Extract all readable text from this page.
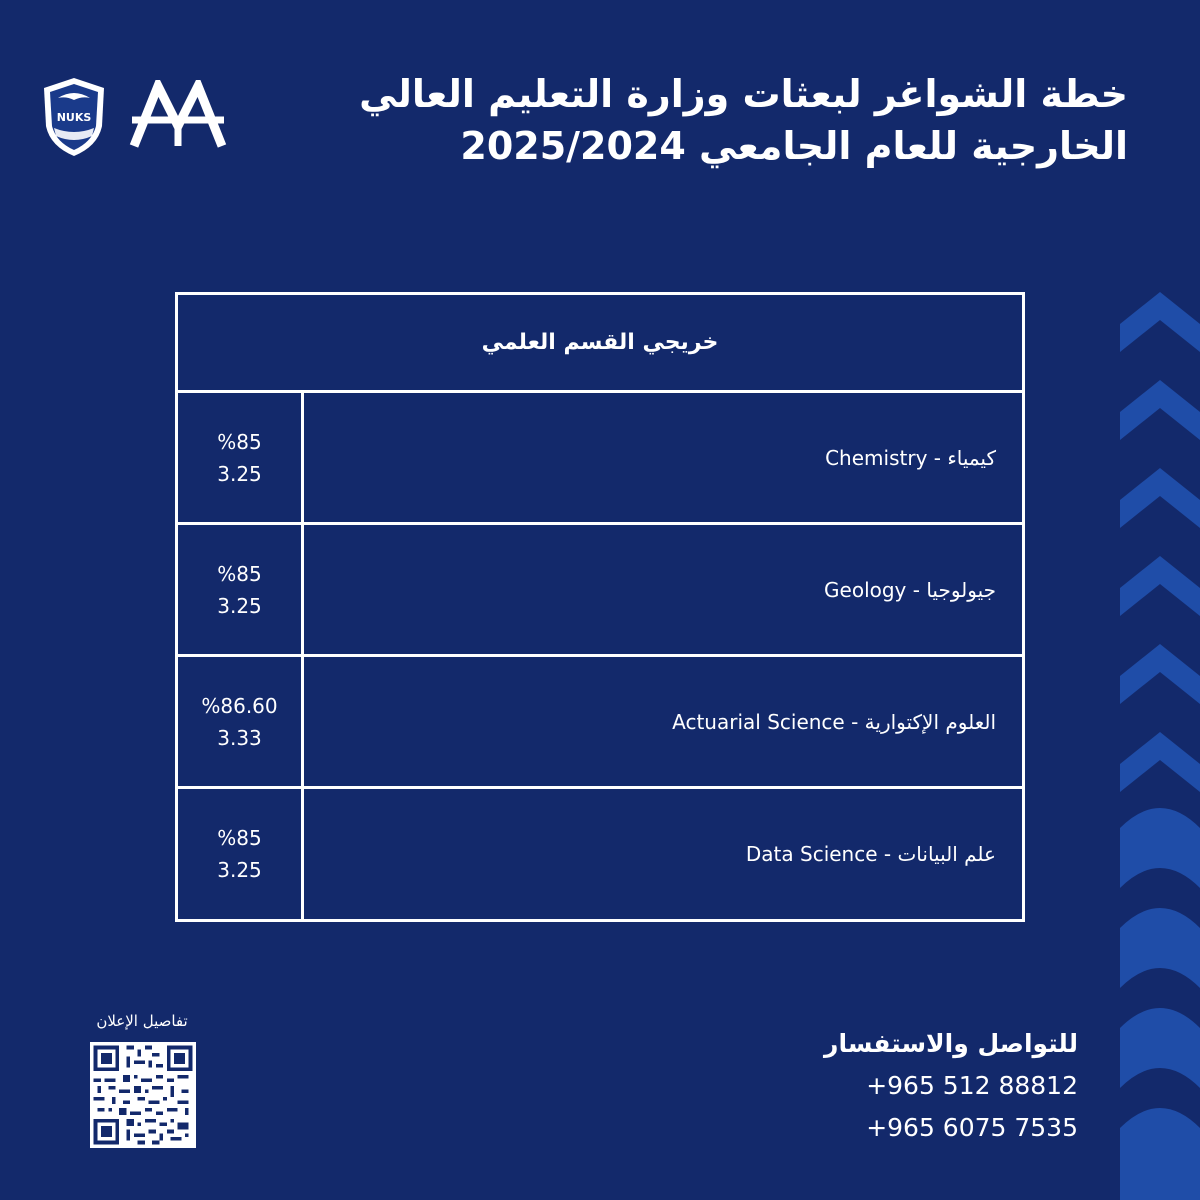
NUKS
خطة الشواغر لبعثات وزارة التعليم العالي
الخارجية للعام الجامعي 2025/2024
خريجي القسم العلمي
%85
3.25
كيمياء - Chemistry
%85
3.25
جيولوجيا - Geology
%86.60
3.33
العلوم الإكتوارية - Actuarial Science
%85
3.25
علم البيانات - Data Science
تفاصيل الإعلان
للتواصل والاستفسار
+965 512 88812
+965 6075 7535
